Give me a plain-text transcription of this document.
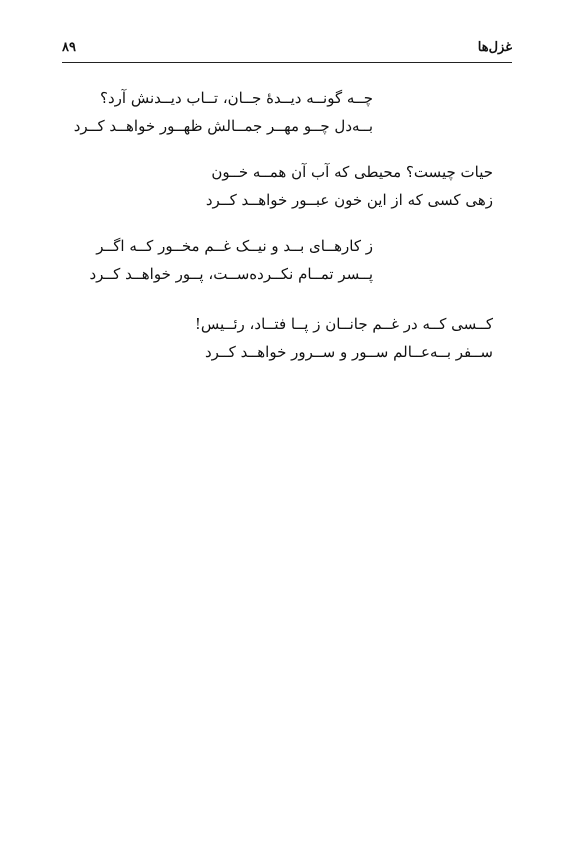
غزل‌ها
۸۹
چــه گونــه دیــدهٔ جــان، تــاب دیــدنش آرد؟
بــه‌دل چــو مهــر جمــالش ظهــور خواهــد کــرد
حیات چیست؟ محیطی که آب آن همــه خــون
زهی کسی که از این خون عبــور خواهــد کــرد
ز کارهــای بــد و نیــک غــم مخــور کــه اگــر
پــسر تمــام نکــرده‌ســت، پــور خواهــد کــرد
کــسی کــه در غــم جانــان ز پــا فتــاد، رئــیس!
ســفر بــه‌عــالم ســور و ســرور خواهــد کــرد
